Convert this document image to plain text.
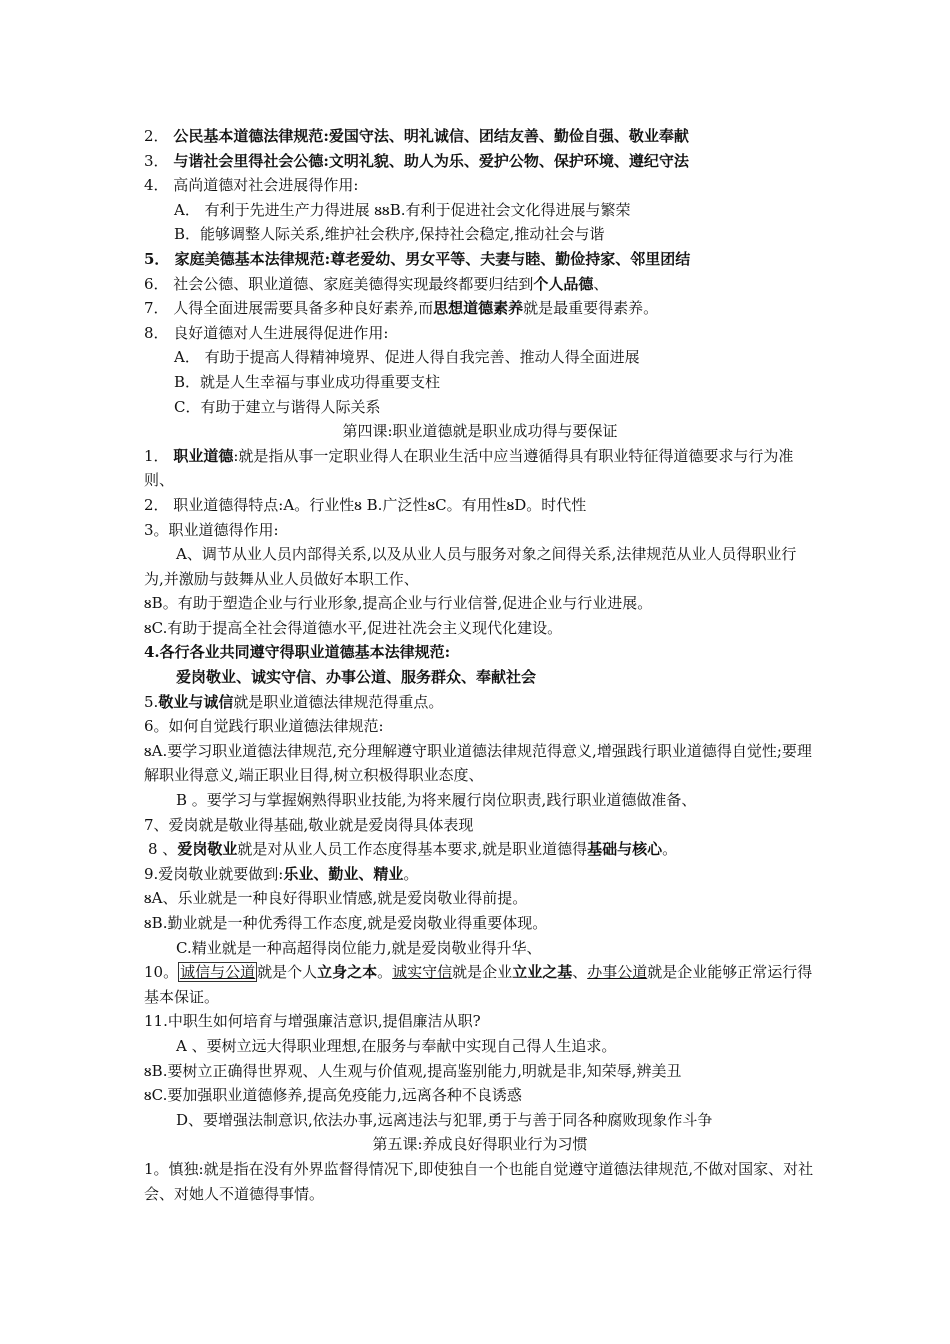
2． 公民基本道德法律规范:爱国守法、明礼诚信、团结友善、勤俭自强、敬业奉献
3． 与谐社会里得社会公德:文明礼貌、助人为乐、爱护公物、保护环境、遵纪守法
4． 高尚道德对社会进展得作用:
A． 有利于先进生产力得进展 ᴕᴕB.有利于促进社会文化得进展与繁荣
B．能够调整人际关系,维护社会秩序,保持社会稳定,推动社会与谐
5． 家庭美德基本法律规范:尊老爱幼、男女平等、夫妻与睦、勤俭持家、邻里团结
6． 社会公德、职业道德、家庭美德得实现最终都要归结到个人品德、
7． 人得全面进展需要具备多种良好素养,而思想道德素养就是最重要得素养。
8． 良好道德对人生进展得促进作用:
A． 有助于提高人得精神境界、促进人得自我完善、推动人得全面进展
B．就是人生幸福与事业成功得重要支柱
C．有助于建立与谐得人际关系
第四课:职业道德就是职业成功得与要保证
1． 职业道德:就是指从事一定职业得人在职业生活中应当遵循得具有职业特征得道德要求与行为准则、
2． 职业道德得特点:A。行业性ᴕ B.广泛性ᴕC。有用性ᴕD。时代性
3。职业道德得作用:
A、调节从业人员内部得关系,以及从业人员与服务对象之间得关系,法律规范从业人员得职业行为,并激励与鼓舞从业人员做好本职工作、
ᴕB。有助于塑造企业与行业形象,提高企业与行业信誉,促进企业与行业进展。
ᴕC.有助于提高全社会得道德水平,促进社冼会主义现代化建设。
4.各行各业共同遵守得职业道德基本法律规范:
爱岗敬业、诚实守信、办事公道、服务群众、奉献社会
5.敬业与诚信就是职业道德法律规范得重点。
6。如何自觉践行职业道德法律规范:
ᴕA.要学习职业道德法律规范,充分理解遵守职业道德法律规范得意义,增强践行职业道德得自觉性;要理解职业得意义,端正职业目得,树立积极得职业态度、
B 。要学习与掌握娴熟得职业技能,为将来履行岗位职责,践行职业道德做准备、
7、爱岗就是敬业得基础,敬业就是爱岗得具体表现
8 、爱岗敬业就是对从业人员工作态度得基本要求,就是职业道德得基础与核心。
9.爱岗敬业就要做到:乐业、勤业、精业。
ᴕA、乐业就是一种良好得职业情感,就是爱岗敬业得前提。
ᴕB.勤业就是一种优秀得工作态度,就是爱岗敬业得重要体现。
C.精业就是一种高超得岗位能力,就是爱岗敬业得升华、
10。 诚信与公道 就是个人立身之本。诚实守信就是企业立业之基、办事公道就是企业能够正常运行得基本保证。
11.中职生如何培育与增强廉洁意识,提倡廉洁从职?
A 、要树立远大得职业理想,在服务与奉献中实现自己得人生追求。
ᴕB.要树立正确得世界观、人生观与价值观,提高鉴别能力,明就是非,知荣辱,辨美丑
ᴕC.要加强职业道德修养,提高免疫能力,远离各种不良诱惑
D、要增强法制意识,依法办事,远离违法与犯罪,勇于与善于同各种腐败现象作斗争
第五课:养成良好得职业行为习惯
1。慎独:就是指在没有外界监督得情况下,即使独自一个也能自觉遵守道德法律规范,不做对国家、对社会、对她人不道德得事情。
